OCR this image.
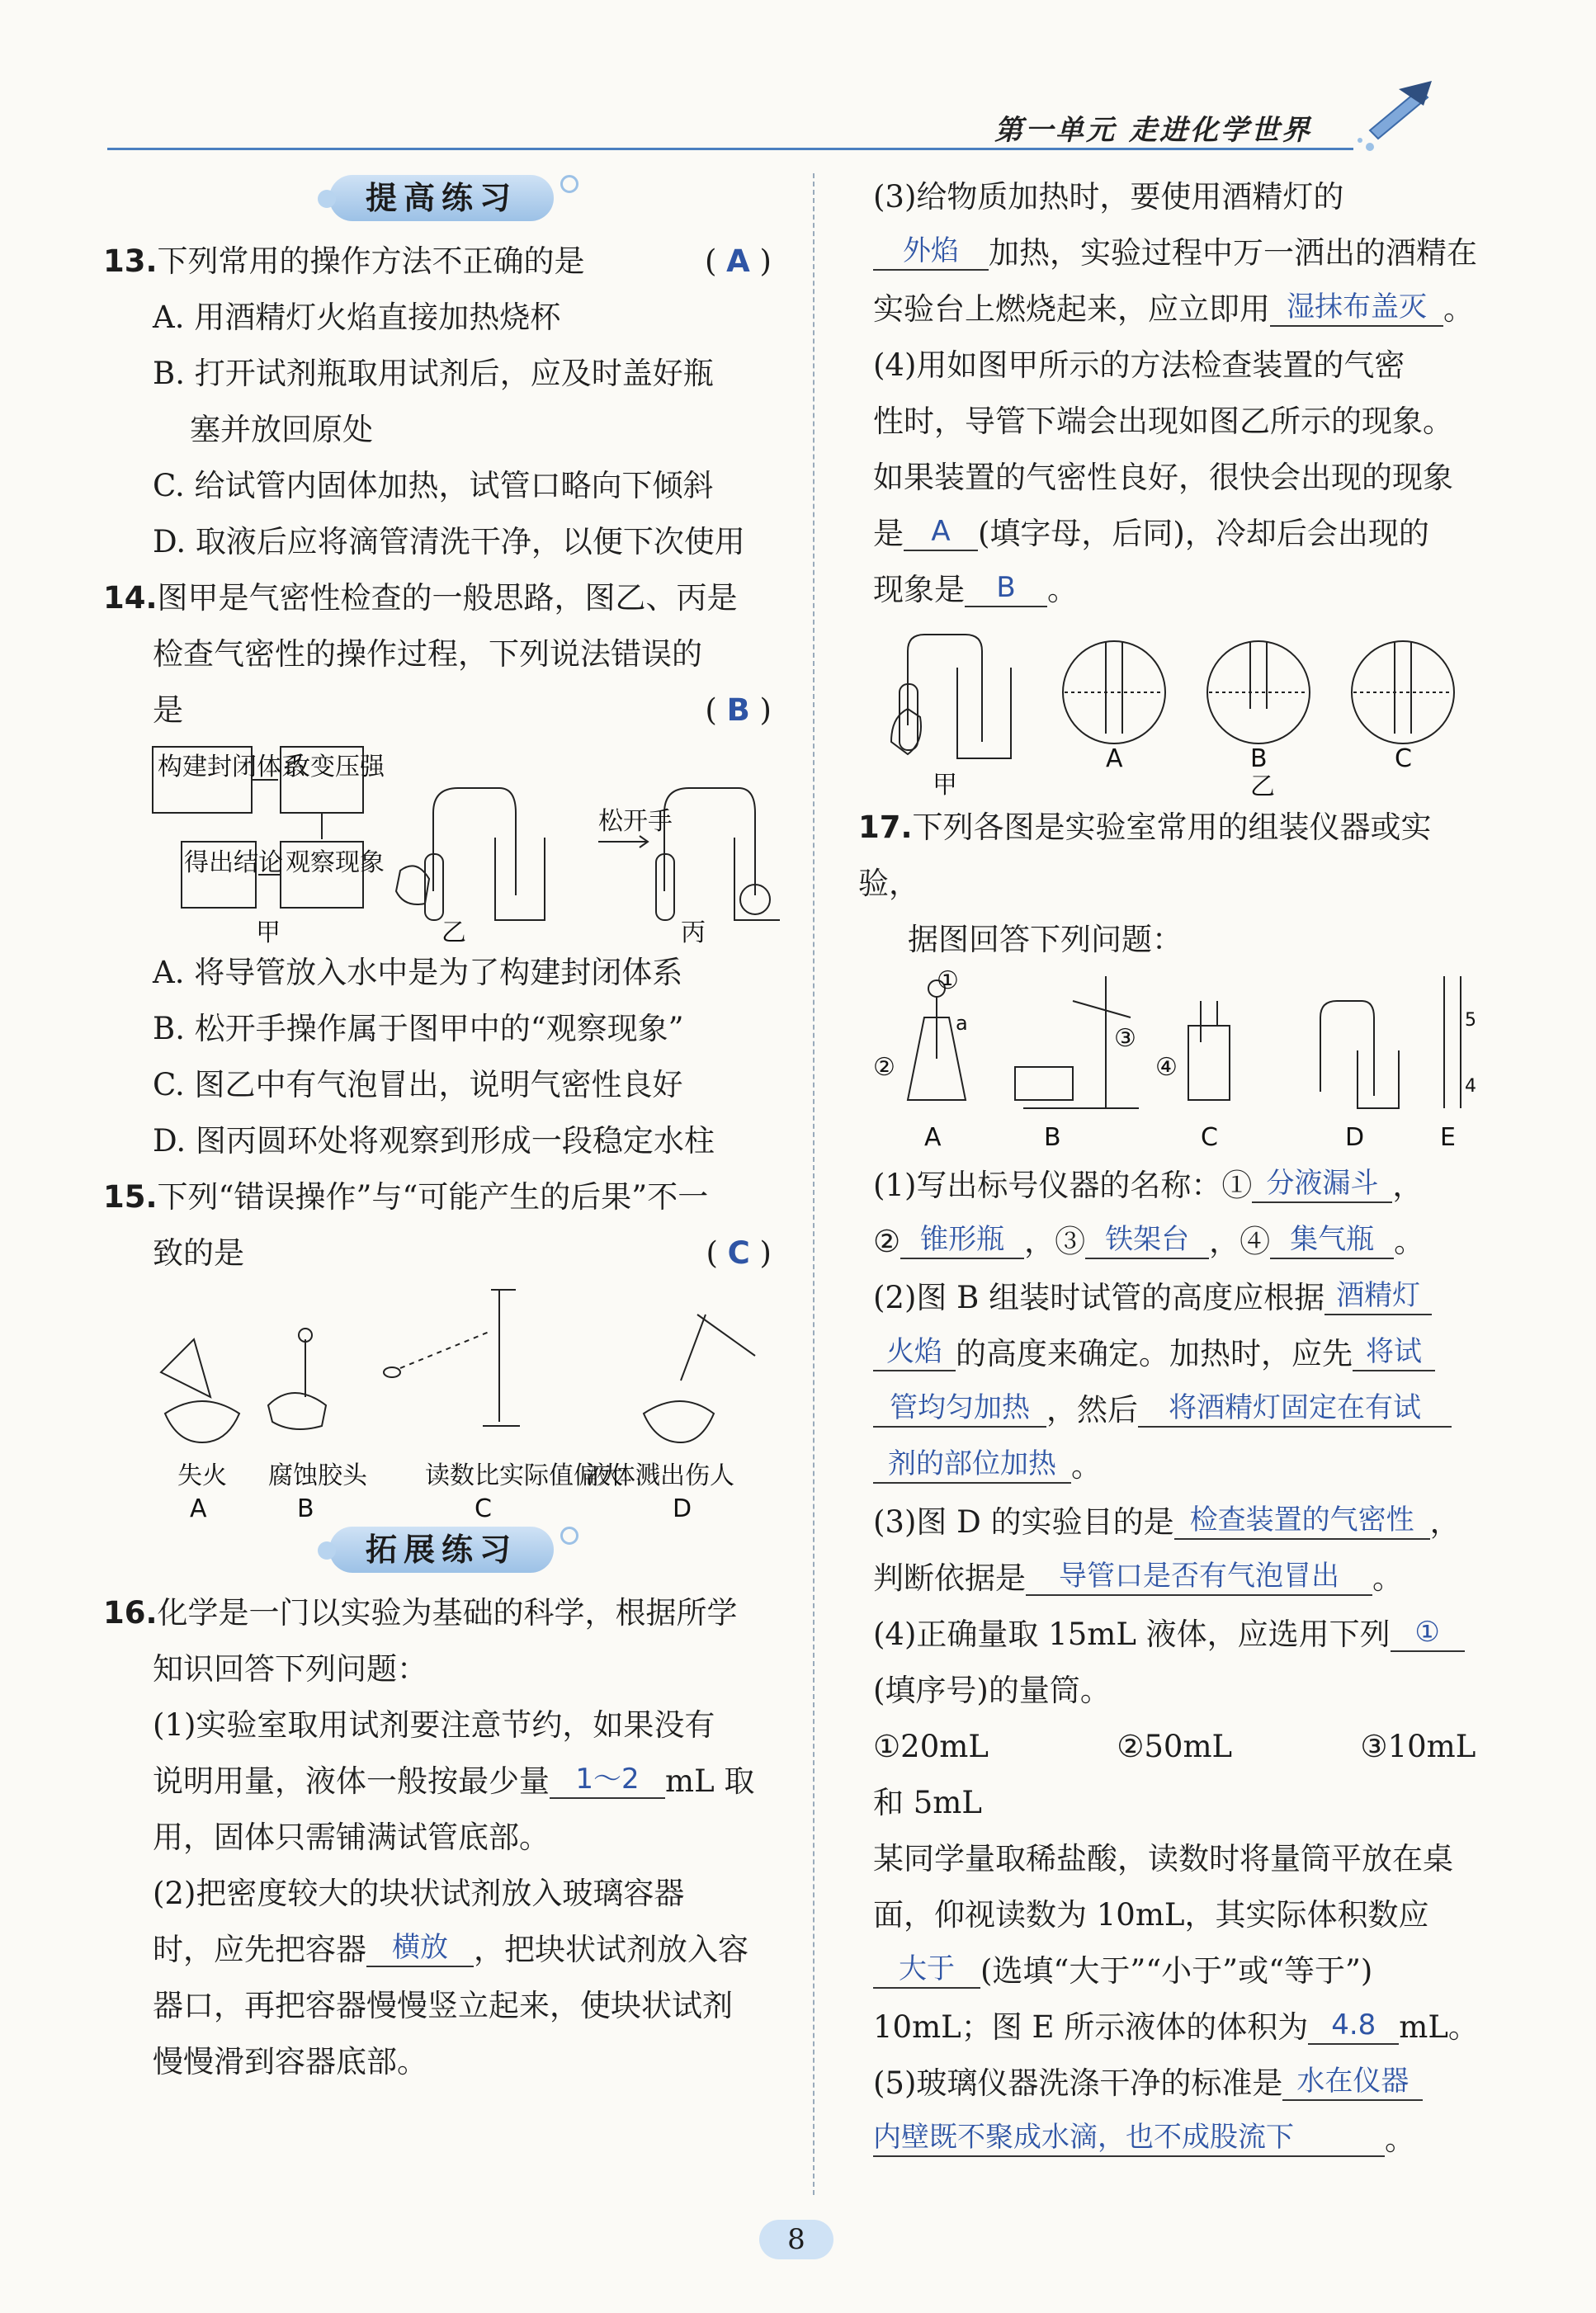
第一单元 走进化学世界
提高练习
13.下列常用的操作方法不正确的是	( A )
A. 用酒精灯火焰直接加热烧杯
B. 打开试剂瓶取用试剂后，应及时盖好瓶
塞并放回原处
C. 给试管内固体加热，试管口略向下倾斜
D. 取液后应将滴管清洗干净，以便下次使用
14.图甲是气密性检查的一般思路，图乙、丙是
检查气密性的操作过程，下列说法错误的
是	( B )
构建封闭体系
改变压强
观察现象
得出结论
松开手
甲	乙	丙
A. 将导管放入水中是为了构建封闭体系
B. 松开手操作属于图甲中的“观察现象”
C. 图乙中有气泡冒出，说明气密性良好
D. 图丙圆环处将观察到形成一段稳定水柱
15.下列“错误操作”与“可能产生的后果”不一
致的是	( C )
失火 腐蚀胶头 读数比实际值偏大
液体溅出伤人
A	B	C	D
拓展练习
16.化学是一门以实验为基础的科学，根据所学
知识回答下列问题：
(1)实验室取用试剂要注意节约，如果没有
说明用量，液体一般按最少量 1～2 mL 取
用，固体只需铺满试管底部。
(2)把密度较大的块状试剂放入玻璃容器
时，应先把容器 横放 ，把块状试剂放入容
器口，再把容器慢慢竖立起来，使块状试剂
慢慢滑到容器底部。
(3)给物质加热时，要使用酒精灯的
外焰 加热，实验过程中万一洒出的酒精在
实验台上燃烧起来，应立即用 湿抹布盖灭 。
(4)用如图甲所示的方法检查装置的气密
性时，导管下端会出现如图乙所示的现象。
如果装置的气密性良好，很快会出现的现象
是 A (填字母，后同)，冷却后会出现的
现象是 B 。
甲
A	B
乙
C
17.下列各图是实验室常用的组装仪器或实验，
据图回答下列问题：
①
②
③
④
a	5
4
A	B	C	D	E
(1)写出标号仪器的名称：① 分液漏斗 ，
② 锥形瓶 ，③ 铁架台 ，④ 集气瓶 。
(2)图 B 组装时试管的高度应根据 酒精灯
火焰 的高度来确定。加热时，应先 将试
管均匀加热 ，然后 将酒精灯固定在有试
剂的部位加热 。
(3)图 D 的实验目的是 检查装置的气密性 ，
判断依据是 导管口是否有气泡冒出 。
(4)正确量取 15mL 液体，应选用下列 ①
(填序号)的量筒。
①20mL	②50mL	③10mL 和 5mL
某同学量取稀盐酸，读数时将量筒平放在桌
面，仰视读数为 10mL，其实际体积数应
大于 (选填“大于”“小于”或“等于”)
10mL；图 E 所示液体的体积为 4.8 mL。
(5)玻璃仪器洗涤干净的标准是 水在仪器
内壁既不聚成水滴，也不成股流下	。
8
